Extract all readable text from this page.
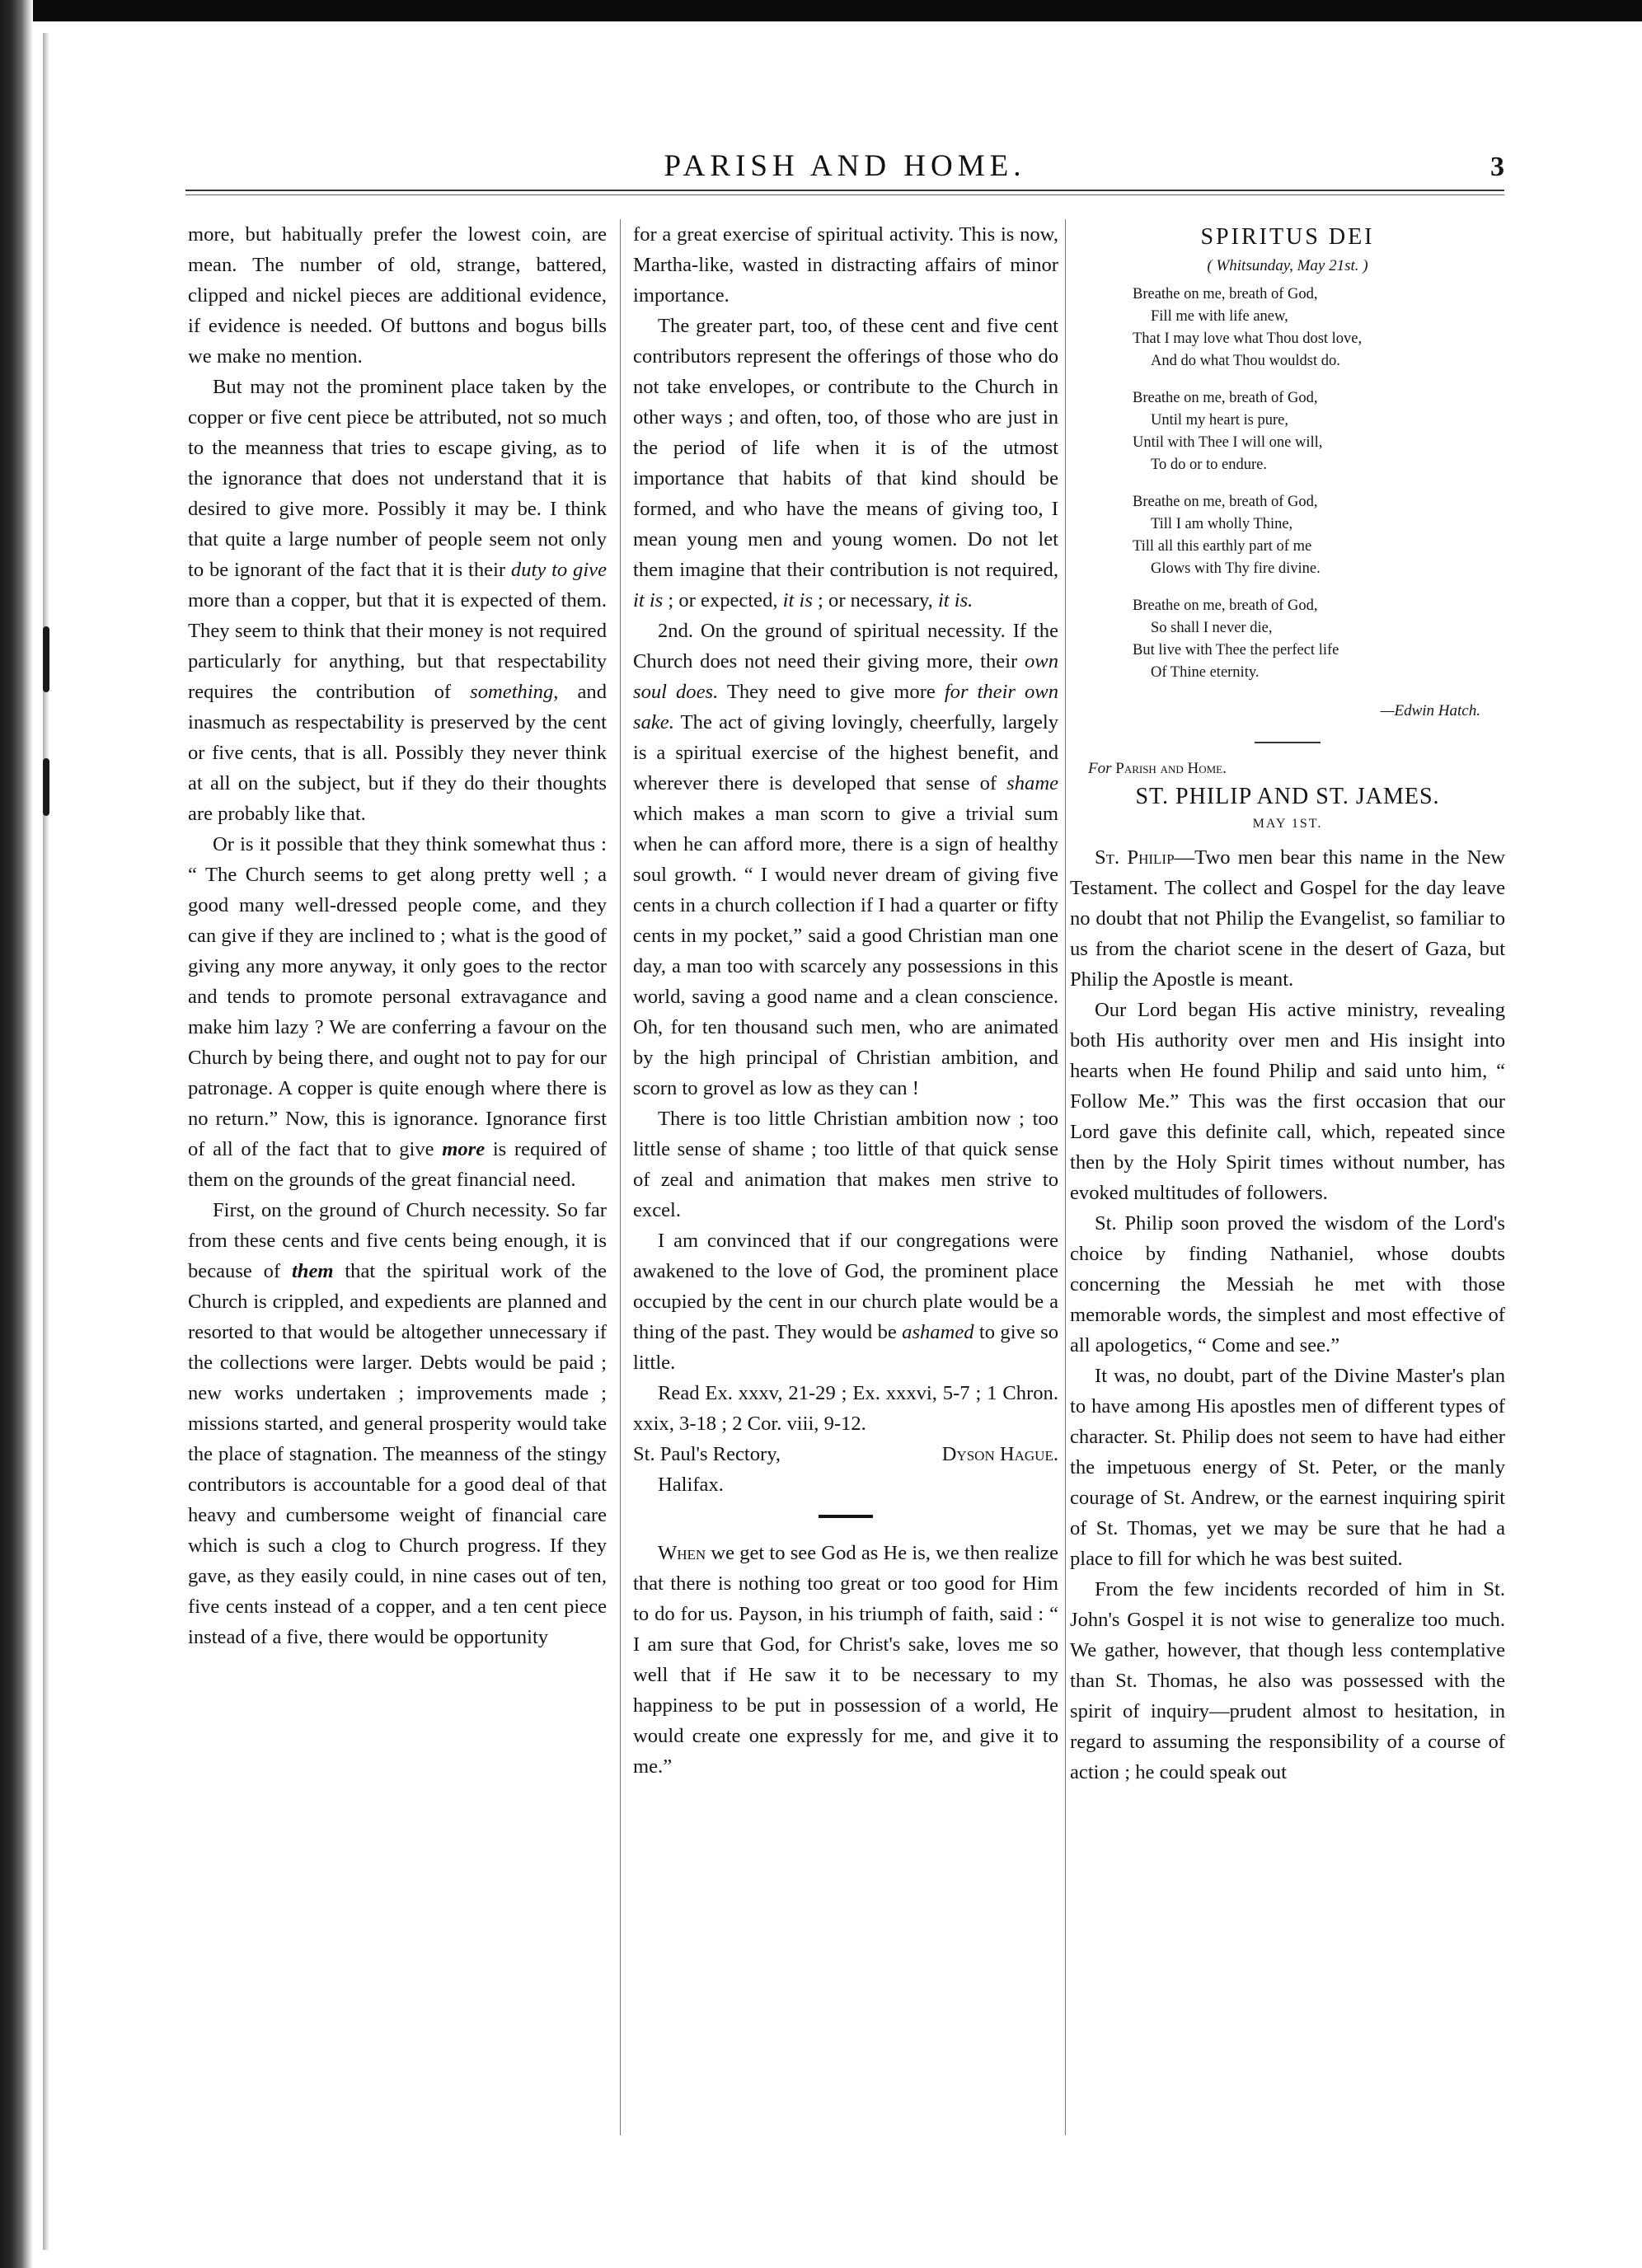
PARISH AND HOME.	3

more, but habitually prefer the lowest coin, are mean. The number of old, strange, battered, clipped and nickel pieces are additional evidence, if evidence is needed. Of buttons and bogus bills we make no mention.

But may not the prominent place taken by the copper or five cent piece be attributed, not so much to the meanness that tries to escape giving, as to the ignorance that does not understand that it is desired to give more. Possibly it may be. I think that quite a large number of people seem not only to be ignorant of the fact that it is their duty to give more than a copper, but that it is expected of them. They seem to think that their money is not required particularly for anything, but that respectability requires the contribution of something, and inasmuch as respectability is preserved by the cent or five cents, that is all. Possibly they never think at all on the subject, but if they do their thoughts are probably like that.

Or is it possible that they think somewhat thus : “ The Church seems to get along pretty well ; a good many well-dressed people come, and they can give if they are inclined to ; what is the good of giving any more anyway, it only goes to the rector and tends to promote personal extravagance and make him lazy ? We are conferring a favour on the Church by being there, and ought not to pay for our patronage. A copper is quite enough where there is no return.” Now, this is ignorance. Ignorance first of all of the fact that to give more is required of them on the grounds of the great financial need.

First, on the ground of Church necessity. So far from these cents and five cents being enough, it is because of them that the spiritual work of the Church is crippled, and expedients are planned and resorted to that would be altogether unnecessary if the collections were larger. Debts would be paid ; new works undertaken ; improvements made ; missions started, and general prosperity would take the place of stagnation. The meanness of the stingy contributors is accountable for a good deal of that heavy and cumbersome weight of financial care which is such a clog to Church progress. If they gave, as they easily could, in nine cases out of ten, five cents instead of a copper, and a ten cent piece instead of a five, there would be opportunity

for a great exercise of spiritual activity. This is now, Martha-like, wasted in distracting affairs of minor importance.

The greater part, too, of these cent and five cent contributors represent the offerings of those who do not take envelopes, or contribute to the Church in other ways ; and often, too, of those who are just in the period of life when it is of the utmost importance that habits of that kind should be formed, and who have the means of giving too, I mean young men and young women. Do not let them imagine that their contribution is not required, it is ; or expected, it is ; or necessary, it is.

2nd. On the ground of spiritual necessity. If the Church does not need their giving more, their own soul does. They need to give more for their own sake. The act of giving lovingly, cheerfully, largely is a spiritual exercise of the highest benefit, and wherever there is developed that sense of shame which makes a man scorn to give a trivial sum when he can afford more, there is a sign of healthy soul growth. “ I would never dream of giving five cents in a church collection if I had a quarter or fifty cents in my pocket,” said a good Christian man one day, a man too with scarcely any possessions in this world, saving a good name and a clean conscience. Oh, for ten thousand such men, who are animated by the high principal of Christian ambition, and scorn to grovel as low as they can !

There is too little Christian ambition now ; too little sense of shame ; too little of that quick sense of zeal and animation that makes men strive to excel.

I am convinced that if our congregations were awakened to the love of God, the prominent place occupied by the cent in our church plate would be a thing of the past. They would be ashamed to give so little.

Read Ex. xxxv, 21-29 ; Ex. xxxvi, 5-7 ; 1 Chron. xxix, 3-18 ; 2 Cor. viii, 9-12.

St. Paul's Rectory,	Dyson Hague.
Halifax.

When we get to see God as He is, we then realize that there is nothing too great or too good for Him to do for us. Payson, in his triumph of faith, said : “ I am sure that God, for Christ's sake, loves me so well that if He saw it to be necessary to my happiness to be put in possession of a world, He would create one expressly for me, and give it to me.”

SPIRITUS DEI
( Whitsunday, May 21st. )
Breathe on me, breath of God,
Fill me with life anew,
That I may love what Thou dost love,
And do what Thou wouldst do.
Breathe on me, breath of God,
Until my heart is pure,
Until with Thee I will one will,
To do or to endure.
Breathe on me, breath of God,
Till I am wholly Thine,
Till all this earthly part of me
Glows with Thy fire divine.
Breathe on me, breath of God,
So shall I never die,
But live with Thee the perfect life
Of Thine eternity.
—Edwin Hatch.
For Parish and Home.
ST. PHILIP AND ST. JAMES.
MAY 1ST.

St. Philip—Two men bear this name in the New Testament. The collect and Gospel for the day leave no doubt that not Philip the Evangelist, so familiar to us from the chariot scene in the desert of Gaza, but Philip the Apostle is meant.

Our Lord began His active ministry, revealing both His authority over men and His insight into hearts when He found Philip and said unto him, “ Follow Me.” This was the first occasion that our Lord gave this definite call, which, repeated since then by the Holy Spirit times without number, has evoked multitudes of followers.

St. Philip soon proved the wisdom of the Lord's choice by finding Nathaniel, whose doubts concerning the Messiah he met with those memorable words, the simplest and most effective of all apologetics, “ Come and see.”

It was, no doubt, part of the Divine Master's plan to have among His apostles men of different types of character. St. Philip does not seem to have had either the impetuous energy of St. Peter, or the manly courage of St. Andrew, or the earnest inquiring spirit of St. Thomas, yet we may be sure that he had a place to fill for which he was best suited.

From the few incidents recorded of him in St. John's Gospel it is not wise to generalize too much. We gather, however, that though less contemplative than St. Thomas, he also was possessed with the spirit of inquiry—prudent almost to hesitation, in regard to assuming the responsibility of a course of action ; he could speak out
